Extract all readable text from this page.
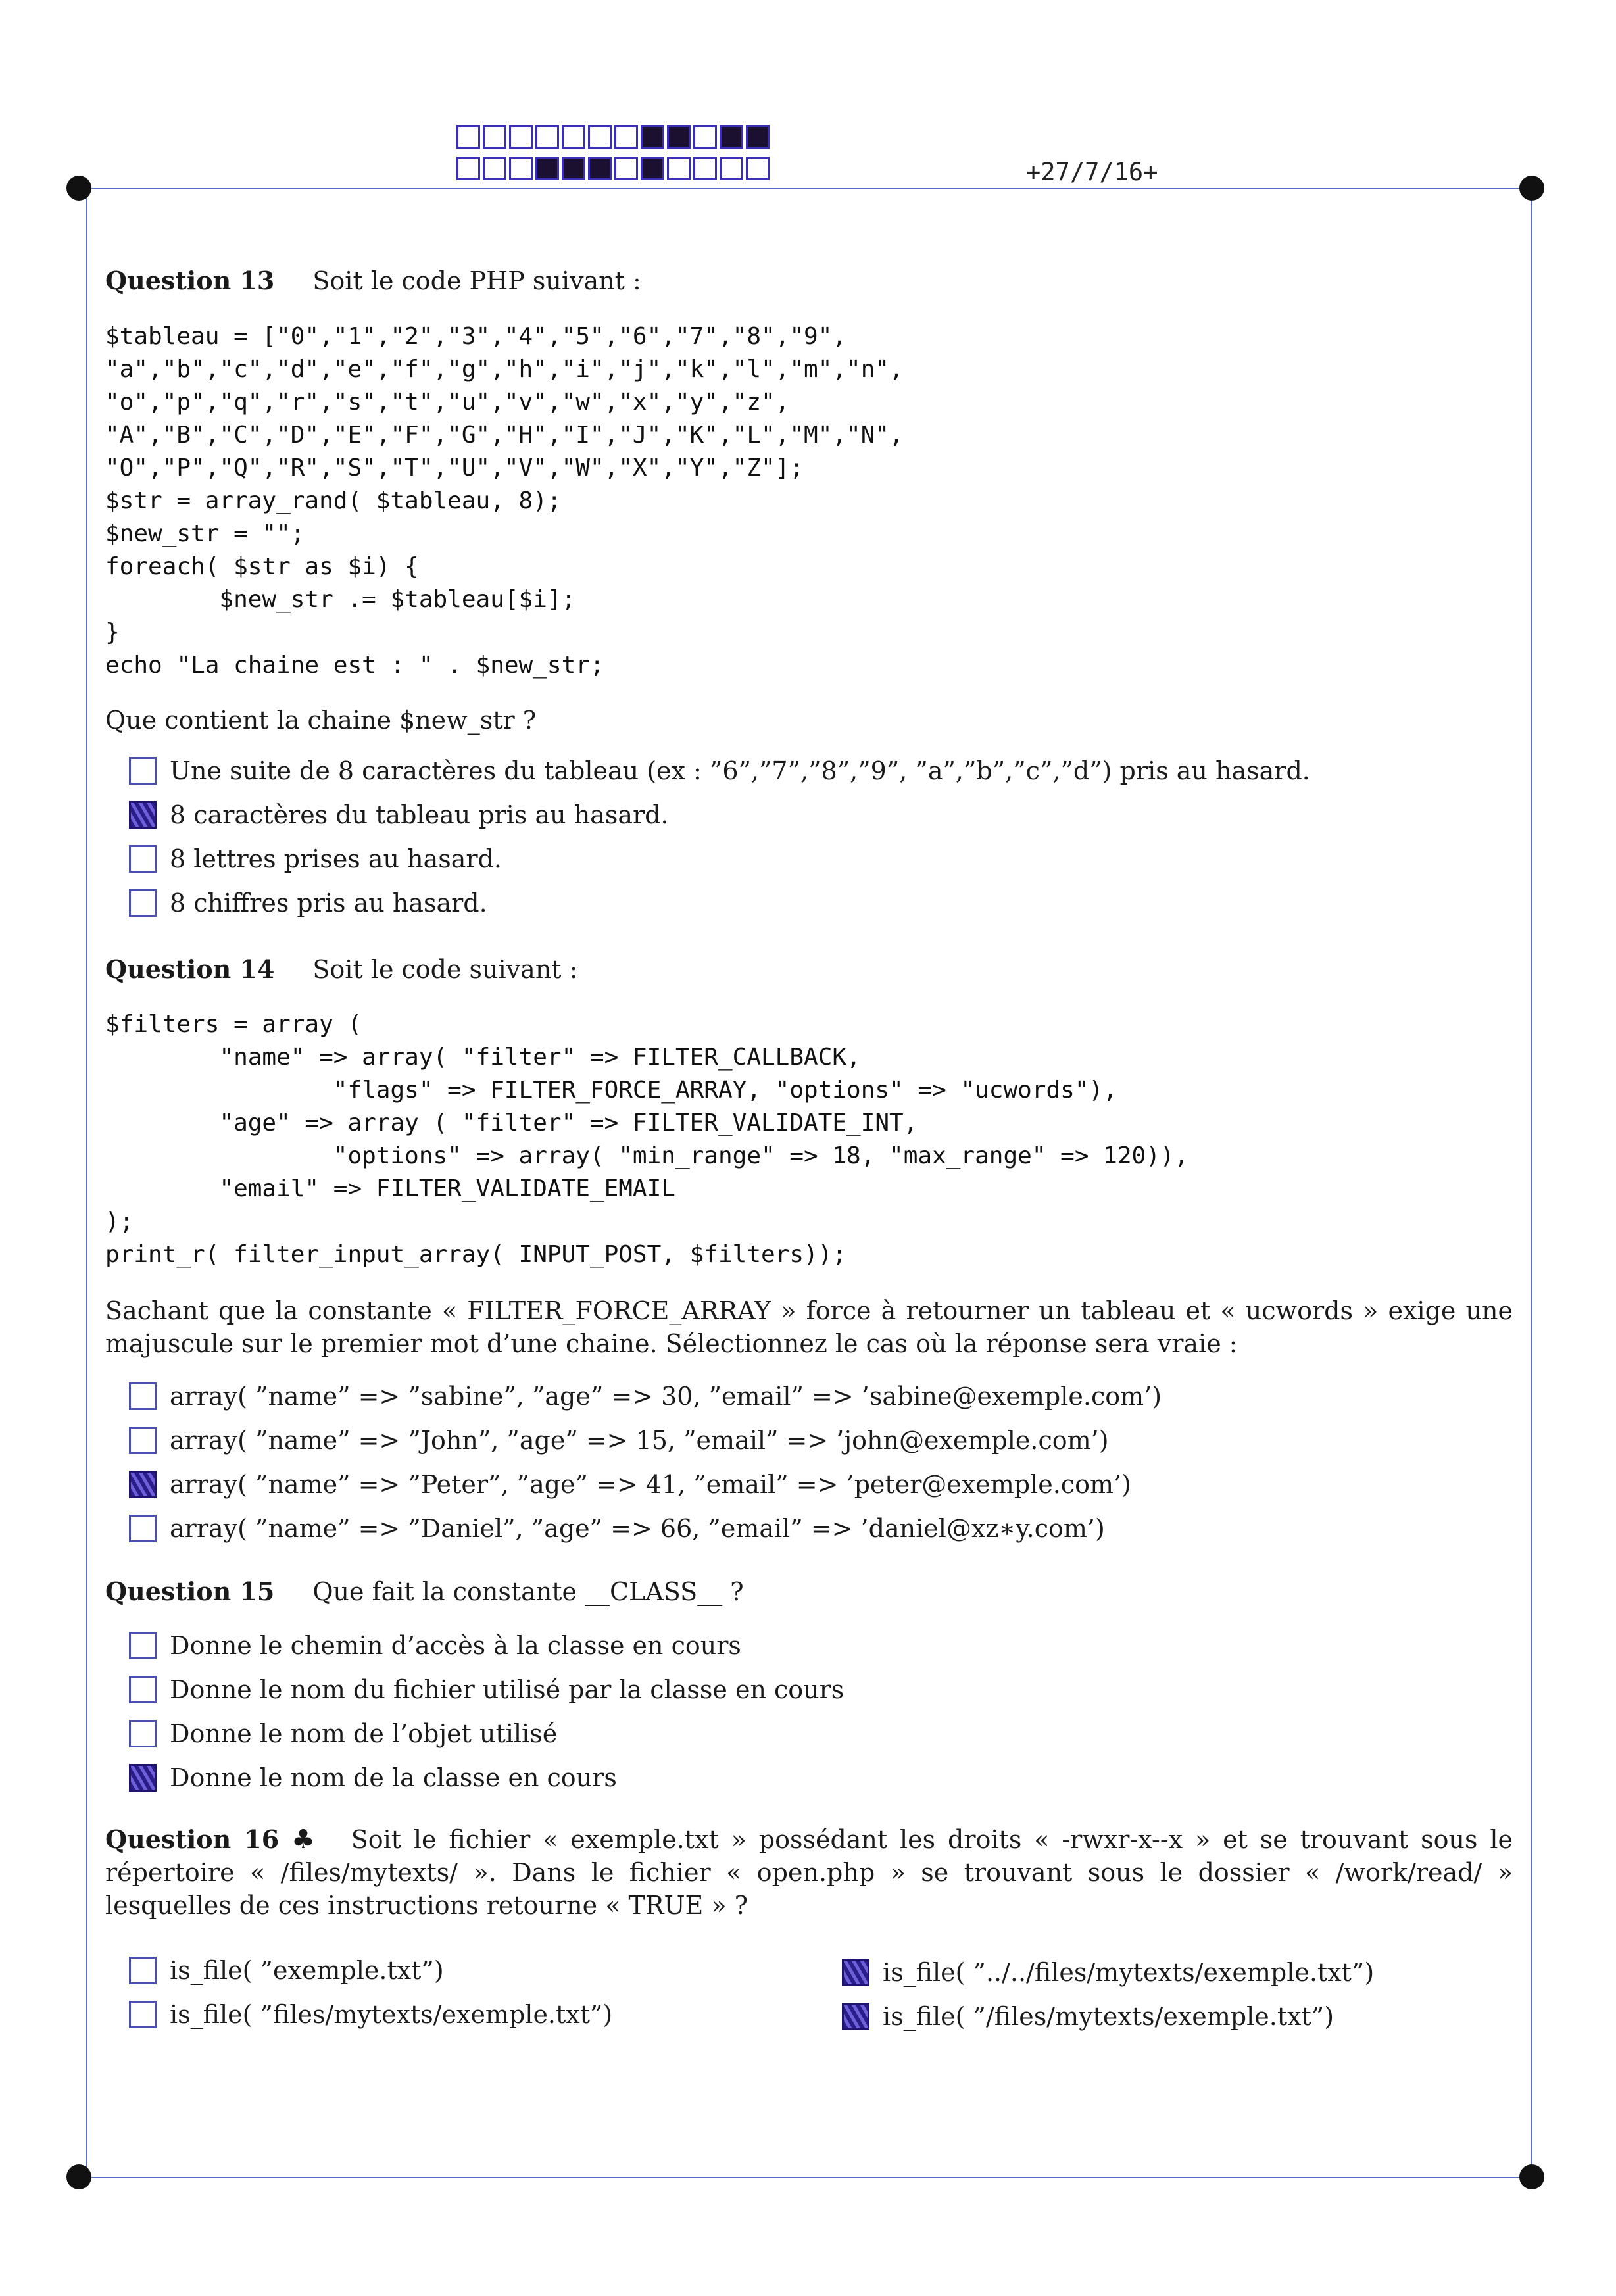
+27/7/16+
Question 13 Soit le code PHP suivant :
$tableau = ["0","1","2","3","4","5","6","7","8","9",
"a","b","c","d","e","f","g","h","i","j","k","l","m","n",
"o","p","q","r","s","t","u","v","w","x","y","z",
"A","B","C","D","E","F","G","H","I","J","K","L","M","N",
"O","P","Q","R","S","T","U","V","W","X","Y","Z"];
$str = array_rand( $tableau, 8);
$new_str = "";
foreach( $str as $i) {
$new_str .= $tableau[$i];
}
echo "La chaine est : " . $new_str;
Que contient la chaine $new_str ?
Une suite de 8 caractères du tableau (ex : ”6”,”7”,”8”,”9”, ”a”,”b”,”c”,”d”) pris au hasard.
8 caractères du tableau pris au hasard.
8 lettres prises au hasard.
8 chiffres pris au hasard.
Question 14 Soit le code suivant :
$filters = array (
"name" => array( "filter" => FILTER_CALLBACK,
"flags" => FILTER_FORCE_ARRAY, "options" => "ucwords"),
"age" => array ( "filter" => FILTER_VALIDATE_INT,
"options" => array( "min_range" => 18, "max_range" => 120)),
"email" => FILTER_VALIDATE_EMAIL
);
print_r( filter_input_array( INPUT_POST, $filters));
Sachant que la constante « FILTER_FORCE_ARRAY » force à retourner un tableau et « ucwords » exige une majuscule sur le premier mot d’une chaine. Sélectionnez le cas où la réponse sera vraie :
array( ”name” => ”sabine”, ”age” => 30, ”email” => ’sabine@exemple.com’)
array( ”name” => ”John”, ”age” => 15, ”email” => ’john@exemple.com’)
array( ”name” => ”Peter”, ”age” => 41, ”email” => ’peter@exemple.com’)
array( ”name” => ”Daniel”, ”age” => 66, ”email” => ’daniel@xz∗y.com’)
Question 15 Que fait la constante __CLASS__ ?
Donne le chemin d’accès à la classe en cours
Donne le nom du fichier utilisé par la classe en cours
Donne le nom de l’objet utilisé
Donne le nom de la classe en cours
Question 16 ♣ Soit le fichier « exemple.txt » possédant les droits « -rwxr-x--x » et se trouvant sous le répertoire « /files/mytexts/ ». Dans le fichier « open.php » se trouvant sous le dossier « /work/read/ » lesquelles de ces instructions retourne « TRUE » ?
is_file( ”exemple.txt”)
is_file( ”files/mytexts/exemple.txt”)
is_file( ”../../files/mytexts/exemple.txt”)
is_file( ”/files/mytexts/exemple.txt”)
